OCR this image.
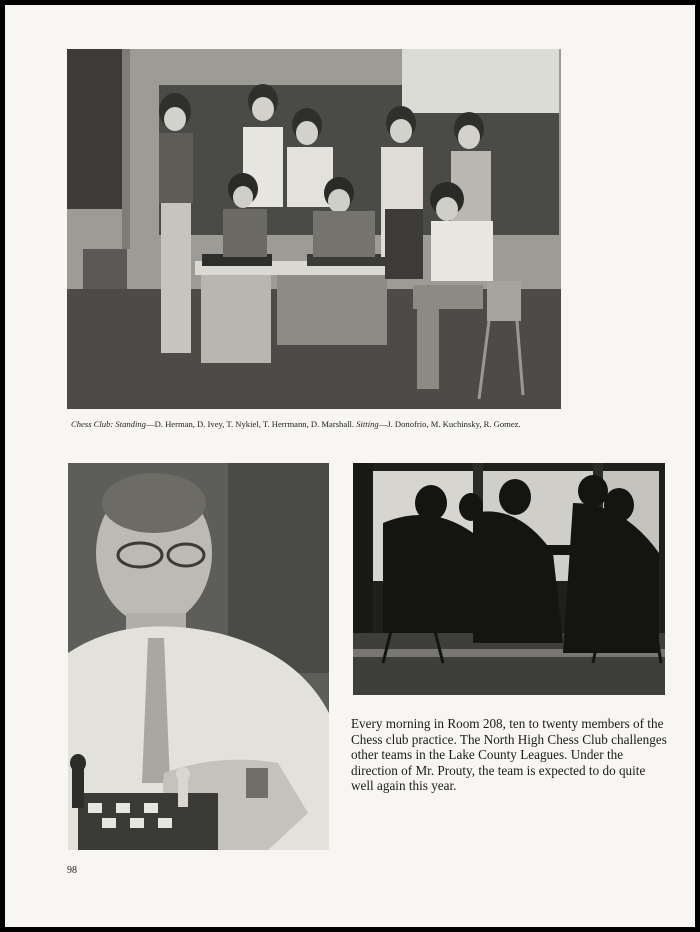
Chess Club: Standing—D. Herman, D. Ivey, T. Nykiel, T. Herrmann, D. Marshall. Sitting—J. Donofrio, M. Kuchinsky, R. Gomez.

Every morning in Room 208, ten to twenty members of the Chess club practice. The North High Chess Club challenges other teams in the Lake County Leagues. Under the direction of Mr. Prouty, the team is expected to do quite well again this year.

98
